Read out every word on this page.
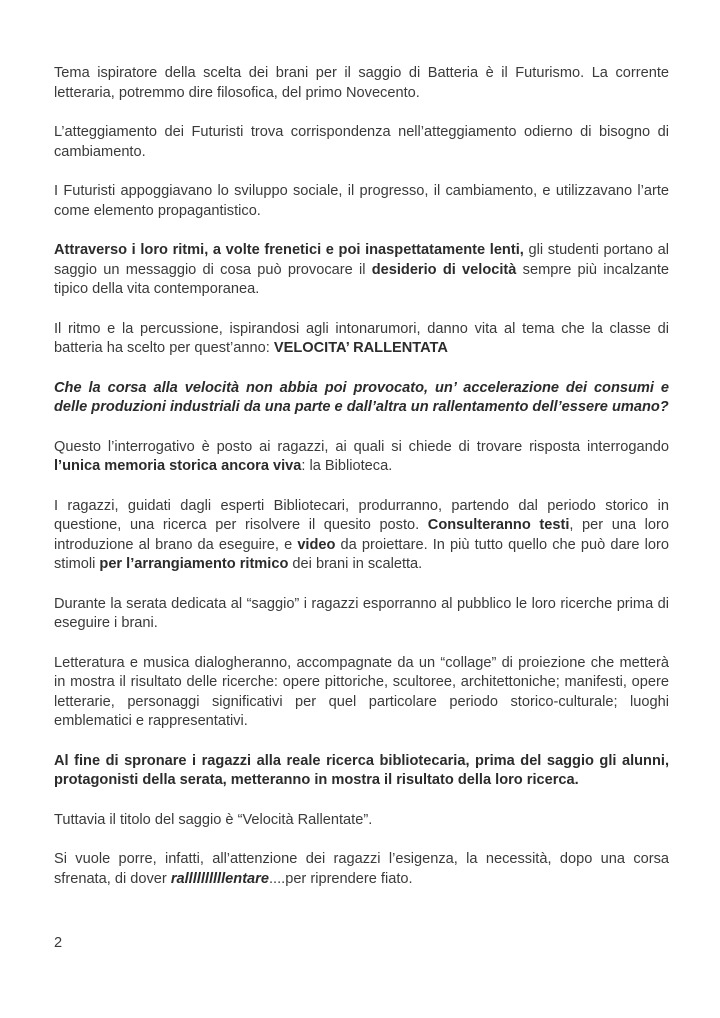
Tema ispiratore della scelta dei brani per il saggio di Batteria è il Futurismo. La corrente letteraria, potremmo dire filosofica, del primo Novecento.

L’atteggiamento dei Futuristi trova corrispondenza nell’atteggiamento odierno di bisogno di cambiamento.

I Futuristi appoggiavano lo sviluppo sociale, il progresso, il cambiamento, e utilizzavano l’arte come elemento propagantistico.

Attraverso i loro ritmi, a volte frenetici e poi inaspettatamente lenti, gli studenti portano al saggio un messaggio di cosa può provocare il desiderio di velocità sempre più incalzante tipico della vita contemporanea.

Il ritmo e la percussione, ispirandosi agli intonarumori, danno vita al tema che la classe di batteria ha scelto per quest’anno: VELOCITA’ RALLENTATA

Che la corsa alla velocità non abbia poi provocato, un’ accelerazione dei consumi e delle produzioni industriali da una parte e dall’altra un rallentamento dell’essere umano?

Questo l’interrogativo è posto ai ragazzi, ai quali si chiede di trovare risposta interrogando l’unica memoria storica ancora viva: la Biblioteca.

I ragazzi, guidati dagli esperti Bibliotecari, produrranno, partendo dal periodo storico in questione, una ricerca per risolvere il quesito posto. Consulteranno testi, per una loro introduzione al brano da eseguire, e video da proiettare. In più tutto quello che può dare loro stimoli per l’arrangiamento ritmico dei brani in scaletta.

Durante la serata dedicata al “saggio” i ragazzi esporranno al pubblico le loro ricerche prima di eseguire i brani.

Letteratura e musica dialogheranno, accompagnate da un “collage” di proiezione che metterà in mostra il risultato delle ricerche: opere pittoriche, scultoree, architettoniche; manifesti, opere letterarie, personaggi significativi per quel particolare periodo storico-culturale; luoghi emblematici e rappresentativi.

Al fine di spronare i ragazzi alla reale ricerca bibliotecaria, prima del saggio gli alunni, protagonisti della serata, metteranno in mostra il risultato della loro ricerca.

Tuttavia il titolo del saggio è “Velocità Rallentate”.

Si vuole porre, infatti, all’attenzione dei ragazzi l’esigenza, la necessità, dopo una corsa sfrenata, di dover rallllllllllentare....per riprendere fiato.

2
